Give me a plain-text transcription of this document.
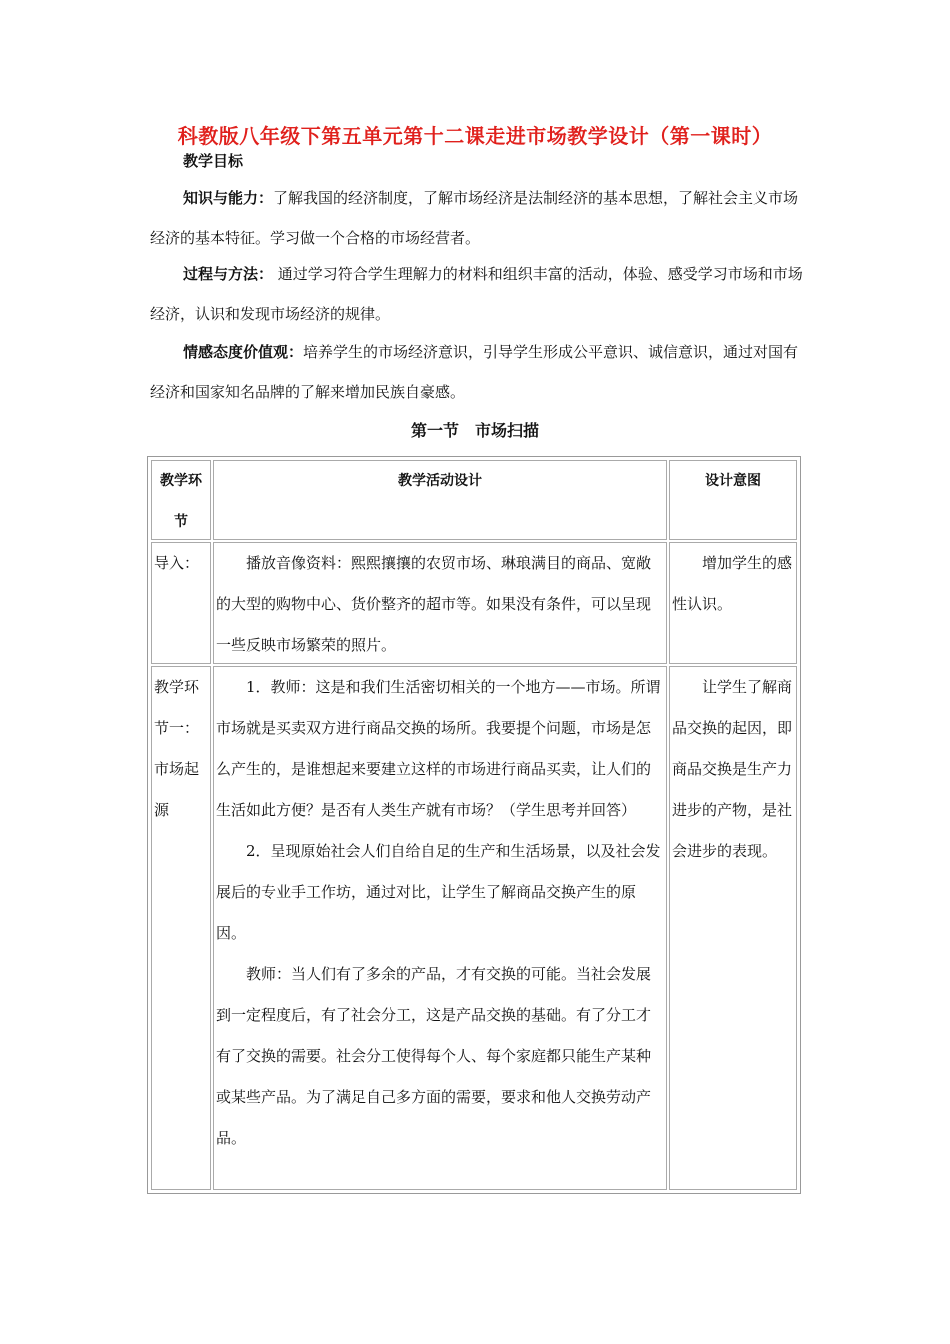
科教版八年级下第五单元第十二课走进市场教学设计（第一课时）
教学目标
知识与能力：了解我国的经济制度，了解市场经济是法制经济的基本思想，了解社会主义市场经济的基本特征。学习做一个合格的市场经营者。
过程与方法： 通过学习符合学生理解力的材料和组织丰富的活动，体验、感受学习市场和市场经济，认识和发现市场经济的规律。
情感态度价值观：培养学生的市场经济意识，引导学生形成公平意识、诚信意识，通过对国有经济和国家知名品牌的了解来增加民族自豪感。
第一节　市场扫描
教学环节
教学活动设计	设计意图
导入：	播放音像资料：熙熙攘攘的农贸市场、琳琅满目的商品、宽敞的大型的购物中心、货价整齐的超市等。如果没有条件，可以呈现一些反映市场繁荣的照片。
增加学生的感性认识。
教学环节一：市场起源
1．教师：这是和我们生活密切相关的一个地方——市场。所谓市场就是买卖双方进行商品交换的场所。我要提个问题，市场是怎么产生的，是谁想起来要建立这样的市场进行商品买卖，让人们的生活如此方便？是否有人类生产就有市场？（学生思考并回答）
2．呈现原始社会人们自给自足的生产和生活场景，以及社会发展后的专业手工作坊，通过对比，让学生了解商品交换产生的原因。
教师：当人们有了多余的产品，才有交换的可能。当社会发展到一定程度后，有了社会分工，这是产品交换的基础。有了分工才有了交换的需要。社会分工使得每个人、每个家庭都只能生产某种或某些产品。为了满足自己多方面的需要，要求和他人交换劳动产品。
让学生了解商品交换的起因，即商品交换是生产力进步的产物，是社会进步的表现。
